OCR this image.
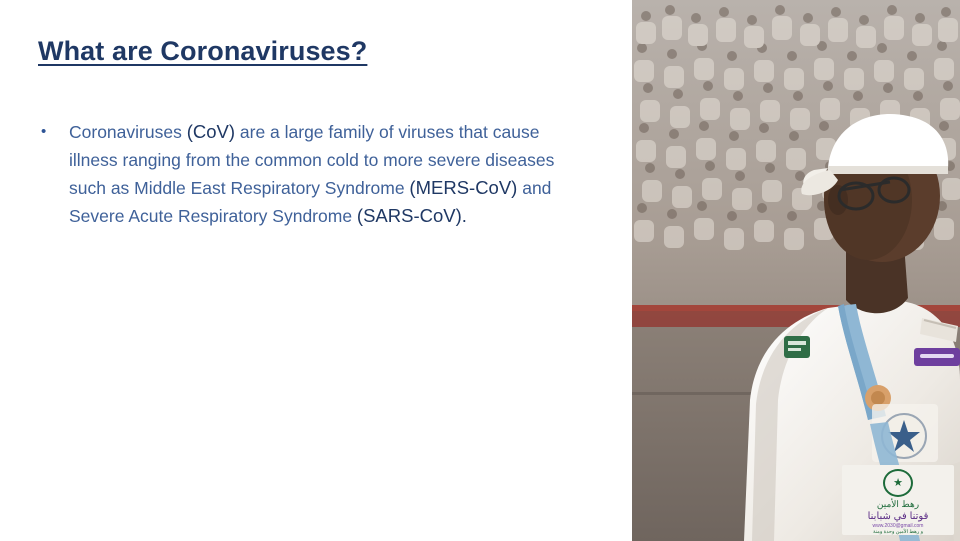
What are Coronaviruses?
•	Coronaviruses (CoV) are a large family of viruses that cause illness ranging from the common cold to more severe diseases such as Middle East Respiratory Syndrome (MERS-CoV) and Severe Acute Respiratory Syndrome (SARS-CoV).
★
رهط الأمين
قوتنا في شبابنا
www.2030@gmail.com
و رهط الأمين وحدة ومنة
